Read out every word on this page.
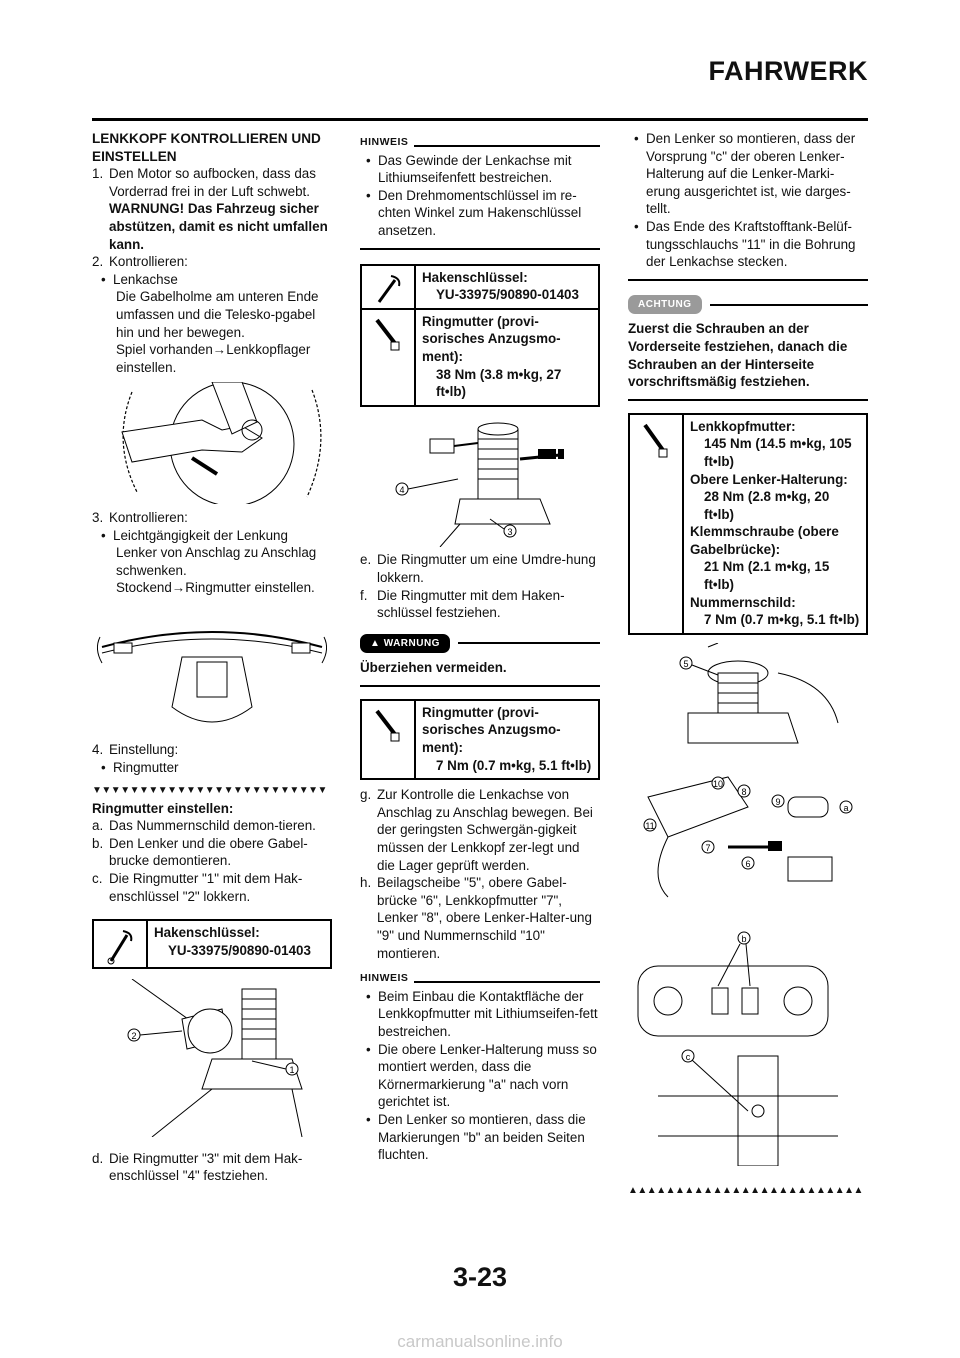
FAHRWERK

LENKKOPF KONTROLLIEREN UND EINSTELLEN

1. Den Motor so aufbocken, dass das Vorderrad frei in der Luft schwebt. WARNUNG! Das Fahrzeug sicher abstützen, damit es nicht umfallen kann.
2. Kontrollieren:
• Lenkachse

Die Gabelholme am unteren Ende umfassen und die Telesko-pgabel hin und her bewegen.

Spiel vorhanden→Lenkkopflager einstellen.

3. Kontrollieren:
• Leichtgängigkeit der Lenkung

Lenker von Anschlag zu Anschlag schwenken.

Stockend→Ringmutter einstellen.

4. Einstellung:
• Ringmutter
▼▼▼▼▼▼▼▼▼▼▼▼▼▼▼▼▼▼▼▼▼▼▼▼▼

Ringmutter einstellen:

a. Das Nummernschild demon-tieren.
b. Den Lenker und die obere Gabel-brucke demontieren.
c. Die Ringmutter "1" mit dem Hak-enschlüssel "2" lokkern.
Hakenschlüssel:
YU-33975/90890-01403
2
1
d. Die Ringmutter "3" mit dem Hak-enschlüssel "4" festziehen.
HINWEIS
• Das Gewinde der Lenkachse mit Lithiumseifenfett bestreichen.
• Den Drehmomentschlüssel im re-chten Winkel zum Hakenschlüssel ansetzen.
Hakenschlüssel:
YU-33975/90890-01403
Ringmutter (provi-sorisches Anzugsmo-ment):
38 Nm (3.8 m•kg, 27 ft•lb)
4
3
e. Die Ringmutter um eine Umdre-hung lokkern.
f. Die Ringmutter mit dem Haken-schlüssel festziehen.
▲ WARNUNG

Überziehen vermeiden.

Ringmutter (provi-sorisches Anzugsmo-ment):
7 Nm (0.7 m•kg, 5.1 ft•lb)
g. Zur Kontrolle die Lenkachse von Anschlag zu Anschlag bewegen. Bei der geringsten Schwergän-gigkeit müssen der Lenkkopf zer-legt und die Lager geprüft werden.
h. Beilagscheibe "5", obere Gabel-brücke "6", Lenkkopfmutter "7", Lenker "8", obere Lenker-Halter-ung "9" und Nummernschild "10" montieren.
HINWEIS
• Beim Einbau die Kontaktfläche der Lenkkopfmutter mit Lithiumseifen-fett bestreichen.
• Die obere Lenker-Halterung muss so montiert werden, dass die Körnermarkierung "a" nach vorn gerichtet ist.
• Den Lenker so montieren, dass die Markierungen "b" an beiden Seiten fluchten.
• Den Lenker so montieren, dass der Vorsprung "c" der oberen Lenker-Halterung auf die Lenker-Marki-erung ausgerichtet ist, wie darges-tellt.
• Das Ende des Kraftstofftank-Belüf-tungsschlauchs "11" in die Bohrung der Lenkachse stecken.
ACHTUNG

Zuerst die Schrauben an der Vorderseite festziehen, danach die Schrauben an der Hinterseite vorschriftsmäßig festziehen.

Lenkkopfmutter:
145 Nm (14.5 m•kg, 105 ft•lb)
Obere Lenker-Halterung:
28 Nm (2.8 m•kg, 20 ft•lb)
Klemmschraube (obere Gabelbrücke):
21 Nm (2.1 m•kg, 15 ft•lb)
Nummernschild:
7 Nm (0.7 m•kg, 5.1 ft•lb)
5

10
8
9
a
11
7
6

b
c
▲▲▲▲▲▲▲▲▲▲▲▲▲▲▲▲▲▲▲▲▲▲▲▲▲
3-23
carmanualsonline.info
